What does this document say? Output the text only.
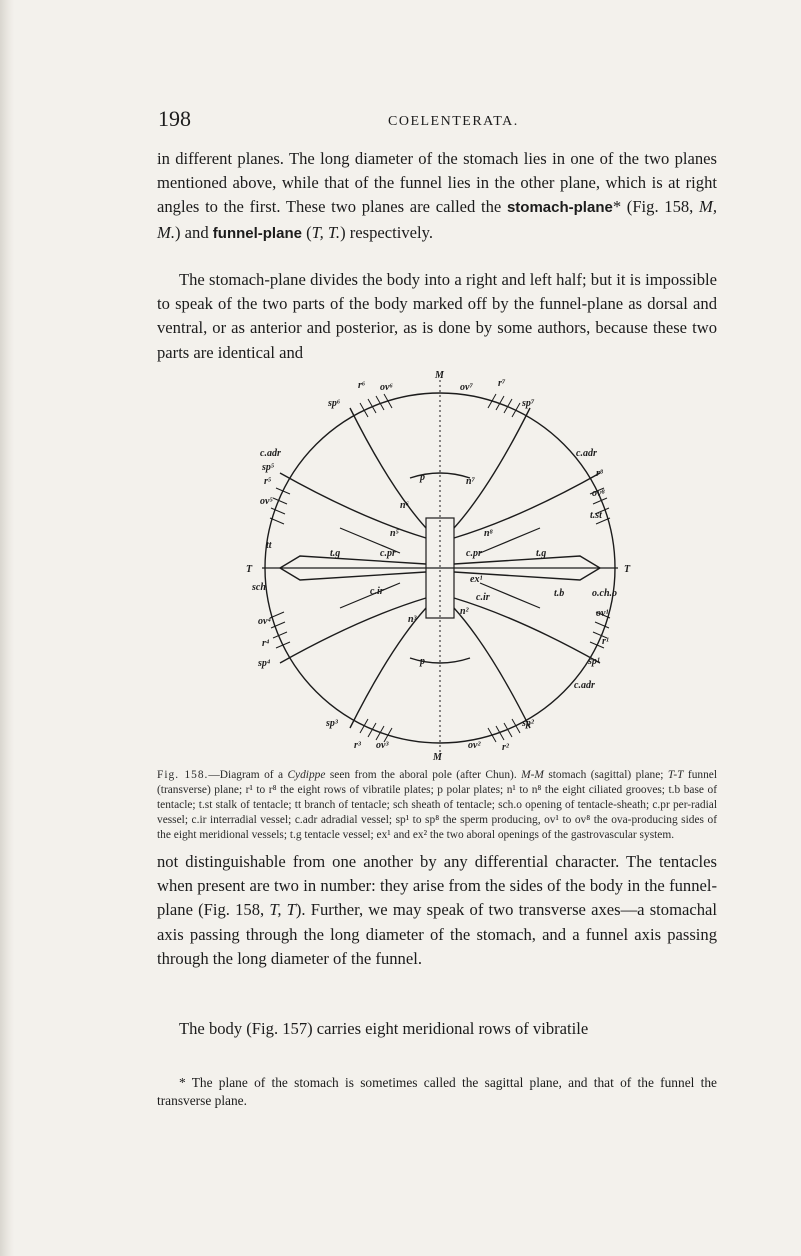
198	COELENTERATA.
in different planes. The long diameter of the stomach lies in one of the two planes mentioned above, while that of the funnel lies in the other plane, which is at right angles to the first. These two planes are called the stomach-plane* (Fig. 158, M, M.) and funnel-plane (T, T.) respectively.
The stomach-plane divides the body into a right and left half; but it is impossible to speak of the two parts of the body marked off by the funnel-plane as dorsal and ventral, or as anterior and posterior, as is done by some authors, because these two parts are identical and
M
M
T	T
r⁶ ov⁶	ov⁷	r⁷
sp⁶	sp⁷
c.adr
sp⁵
r⁵
ov⁵
c.adr
r⁸
ov⁸
t.st
tt
sch
t.g	t.g
c.pr	c.pr
p
p
n⁶
n⁷
n⁵	n⁸
n³
n²
c.ir
c.ir
ex¹
t.b	o.ch.o
ov⁴
ov¹
r⁴	r¹
sp⁴	sp¹
c.adr
sp³	sp²
r³ ov³	ov² r²
Fig. 158.—Diagram of a Cydippe seen from the aboral pole (after Chun). M-M stomach (sagittal) plane; T-T funnel (transverse) plane; r¹ to r⁸ the eight rows of vibratile plates; p polar plates; n¹ to n⁸ the eight ciliated grooves; t.b base of tentacle; t.st stalk of tentacle; tt branch of tentacle; sch sheath of tentacle; sch.o opening of tentacle-sheath; c.pr per-radial vessel; c.ir interradial vessel; c.adr adradial vessel; sp¹ to sp⁸ the sperm producing, ov¹ to ov⁸ the ova-producing sides of the eight meridional vessels; t.g tentacle vessel; ex¹ and ex² the two aboral openings of the gastrovascular system.
not distinguishable from one another by any differential character. The tentacles when present are two in number: they arise from the sides of the body in the funnel-plane (Fig. 158, T, T). Further, we may speak of two transverse axes—a stomachal axis passing through the long diameter of the stomach, and a funnel axis passing through the long diameter of the funnel.
The body (Fig. 157) carries eight meridional rows of vibratile
* The plane of the stomach is sometimes called the sagittal plane, and that of the funnel the transverse plane.
